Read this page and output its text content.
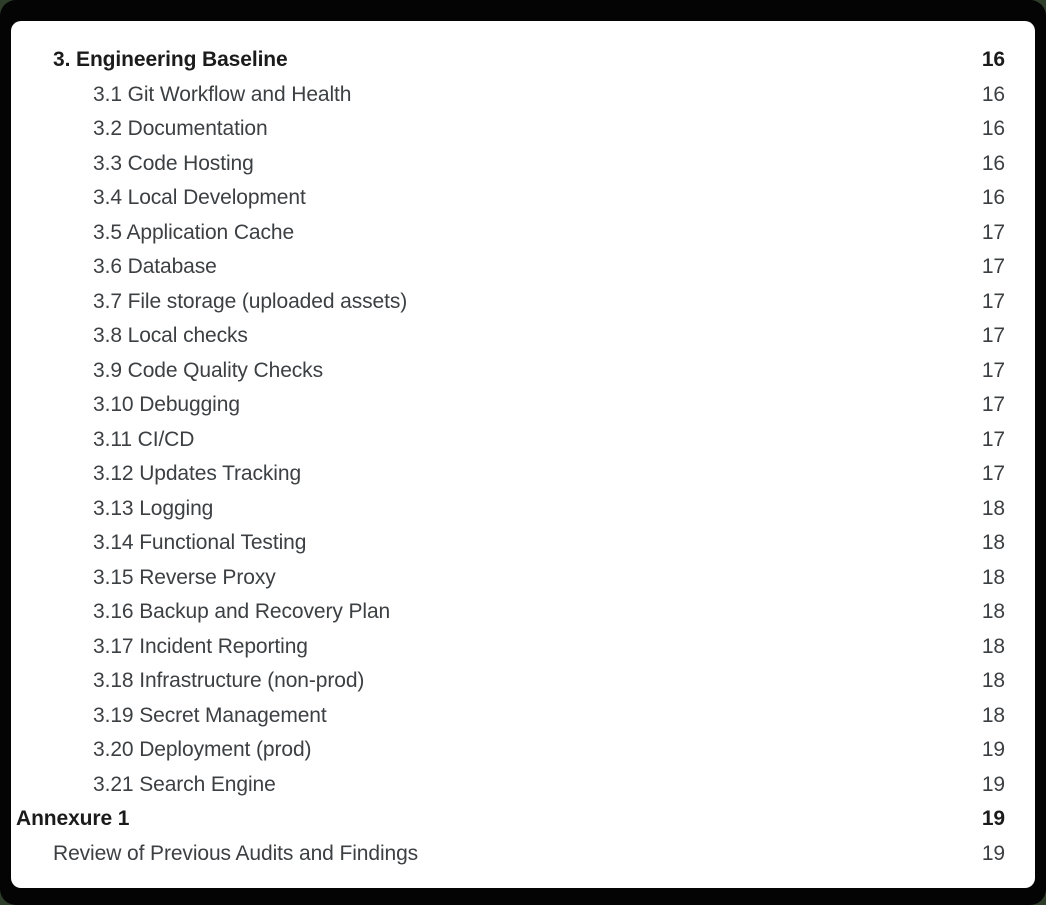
3. Engineering Baseline	16
3.1 Git Workflow and Health	16
3.2 Documentation	16
3.3 Code Hosting	16
3.4 Local Development	16
3.5 Application Cache	17
3.6 Database	17
3.7 File storage (uploaded assets)	17
3.8 Local checks	17
3.9 Code Quality Checks	17
3.10 Debugging	17
3.11 CI/CD	17
3.12 Updates Tracking	17
3.13 Logging	18
3.14 Functional Testing	18
3.15 Reverse Proxy	18
3.16 Backup and Recovery Plan	18
3.17 Incident Reporting	18
3.18 Infrastructure (non-prod)	18
3.19 Secret Management	18
3.20 Deployment (prod)	19
3.21 Search Engine	19
Annexure 1	19
Review of Previous Audits and Findings	19
